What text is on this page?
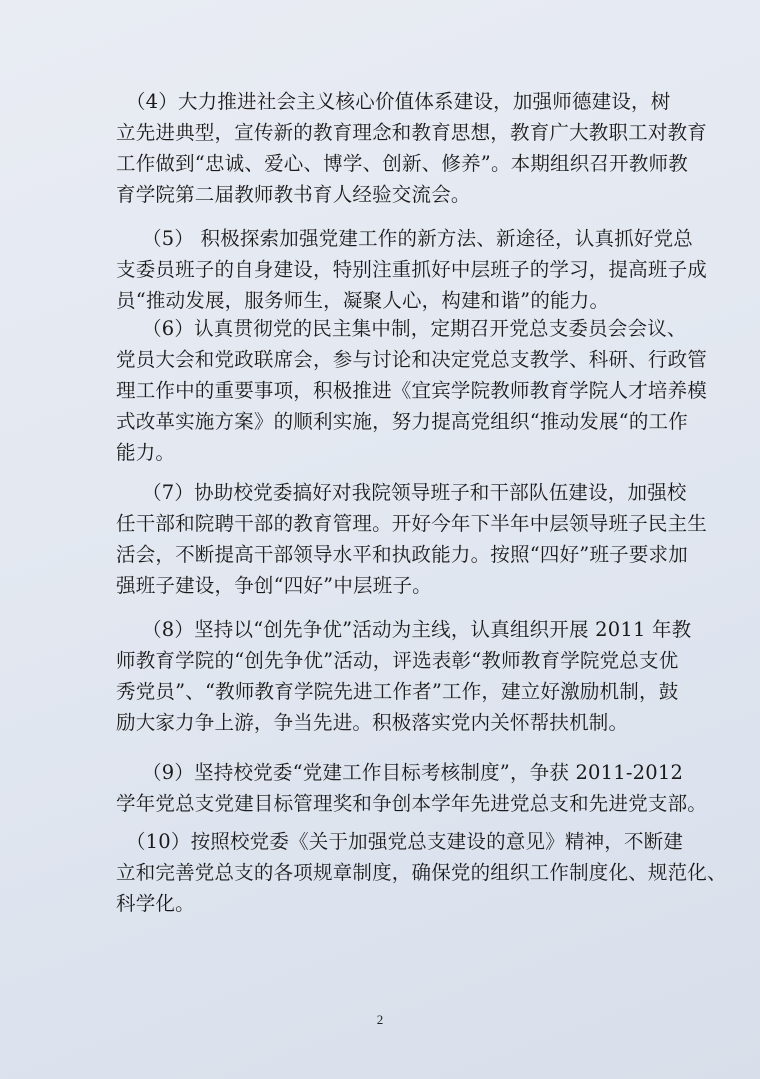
　（4）大力推进社会主义核心价值体系建设，加强师德建设，树
立先进典型，宣传新的教育理念和教育思想，教育广大教职工对教育
工作做到“忠诚、爱心、博学、创新、修养”。本期组织召开教师教
育学院第二届教师教书育人经验交流会。
　 （5） 积极探索加强党建工作的新方法、新途径，认真抓好党总
支委员班子的自身建设，特别注重抓好中层班子的学习，提高班子成
员“推动发展，服务师生，凝聚人心，构建和谐”的能力。
　 （6）认真贯彻党的民主集中制，定期召开党总支委员会会议、
党员大会和党政联席会，参与讨论和决定党总支教学、科研、行政管
理工作中的重要事项，积极推进《宜宾学院教师教育学院人才培养模
式改革实施方案》的顺利实施，努力提高党组织“推动发展“的工作
能力。
　 （7）协助校党委搞好对我院领导班子和干部队伍建设，加强校
任干部和院聘干部的教育管理。开好今年下半年中层领导班子民主生
活会，不断提高干部领导水平和执政能力。按照“四好”班子要求加
强班子建设，争创“四好”中层班子。
　 （8）坚持以“创先争优”活动为主线，认真组织开展 2011 年教
师教育学院的“创先争优”活动，评选表彰“教师教育学院党总支优
秀党员”、“教师教育学院先进工作者”工作，建立好激励机制，鼓
励大家力争上游，争当先进。积极落实党内关怀帮扶机制。
　 （9）坚持校党委“党建工作目标考核制度”，争获 2011-2012
学年党总支党建目标管理奖和争创本学年先进党总支和先进党支部。
　（10）按照校党委《关于加强党总支建设的意见》精神，不断建
立和完善党总支的各项规章制度，确保党的组织工作制度化、规范化、
科学化。
2
